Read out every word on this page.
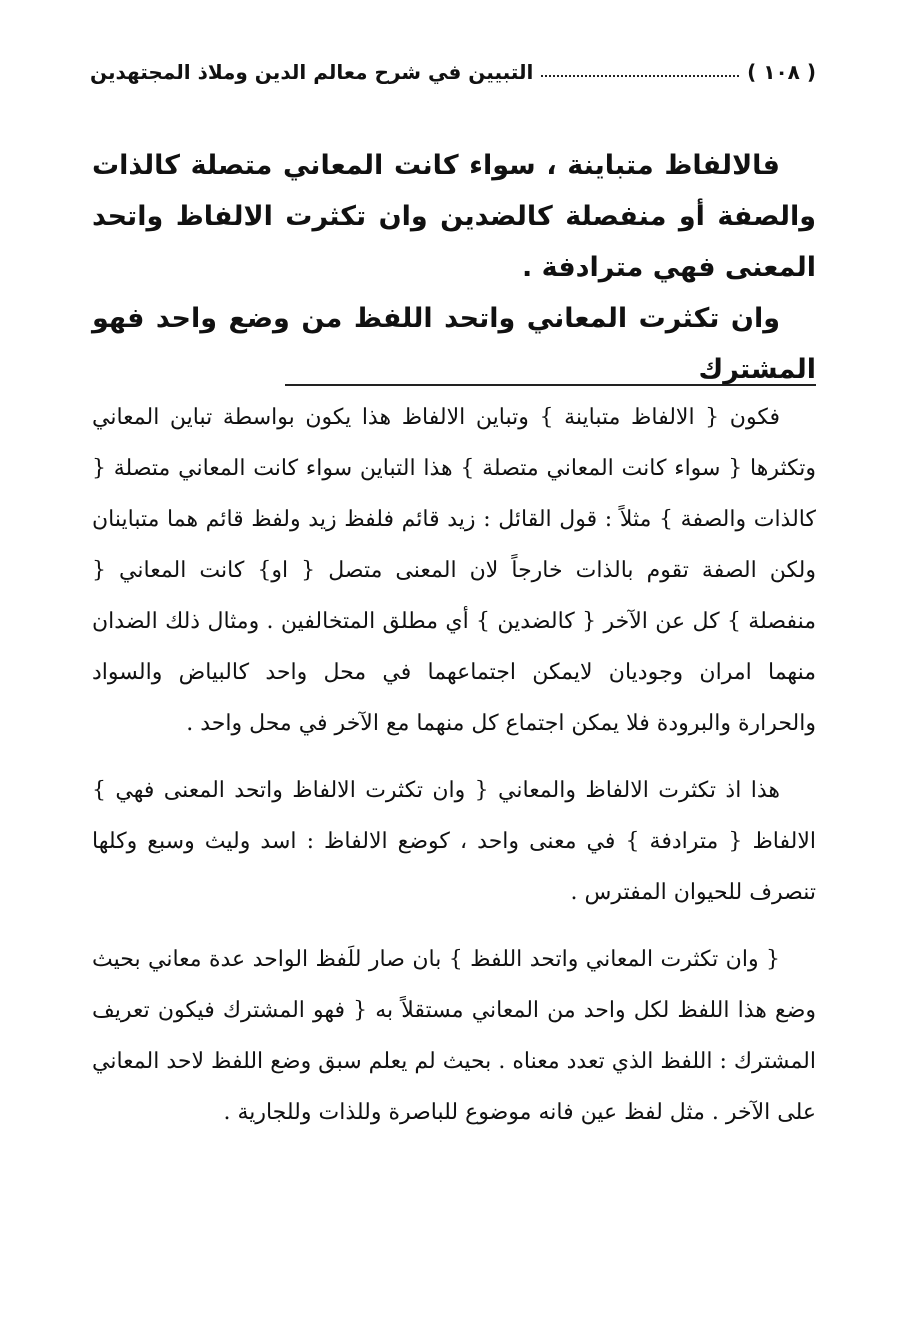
( ١٠٨ )
التبيين في شرح معالم الدين وملاذ المجتهدين

فالالفاظ متباينة ، سواء كانت المعاني متصلة كالذات والصفة أو منفصلة كالضدين وان تكثرت الالفاظ واتحد المعنى فهي مترادفة .

وان تكثرت المعاني واتحد اللفظ من وضع واحد فهو المشترك

فكون { الالفاظ متباينة } وتباين الالفاظ هذا يكون بواسطة تباين المعاني وتكثرها { سواء كانت المعاني متصلة } هذا التباين سواء كانت المعاني متصلة { كالذات والصفة } مثلاً : قول القائل : زيد قائم فلفظ زيد ولفظ قائم هما متباينان ولكن الصفة تقوم بالذات خارجاً لان المعنى متصل { او} كانت المعاني { منفصلة } كل عن الآخر { كالضدين } أي مطلق المتخالفين . ومثال ذلك الضدان منهما امران وجوديان لايمكن اجتماعهما في محل واحد كالبياض والسواد والحرارة والبرودة فلا يمكن اجتماع كل منهما مع الآخر في محل واحد .

هذا اذ تكثرت الالفاظ والمعاني { وان تكثرت الالفاظ واتحد المعنى فهي } الالفاظ { مترادفة } في معنى واحد ، كوضع الالفاظ : اسد وليث وسبع وكلها تنصرف للحيوان المفترس .

{ وان تكثرت المعاني واتحد اللفظ } بان صار للَفظ الواحد عدة معاني بحيث وضع هذا اللفظ لكل واحد من المعاني مستقلاً به { فهو المشترك فيكون تعريف المشترك : اللفظ الذي تعدد معناه . بحيث لم يعلم سبق وضع اللفظ لاحد المعاني على الآخر . مثل لفظ عين فانه موضوع للباصرة وللذات وللجارية .
